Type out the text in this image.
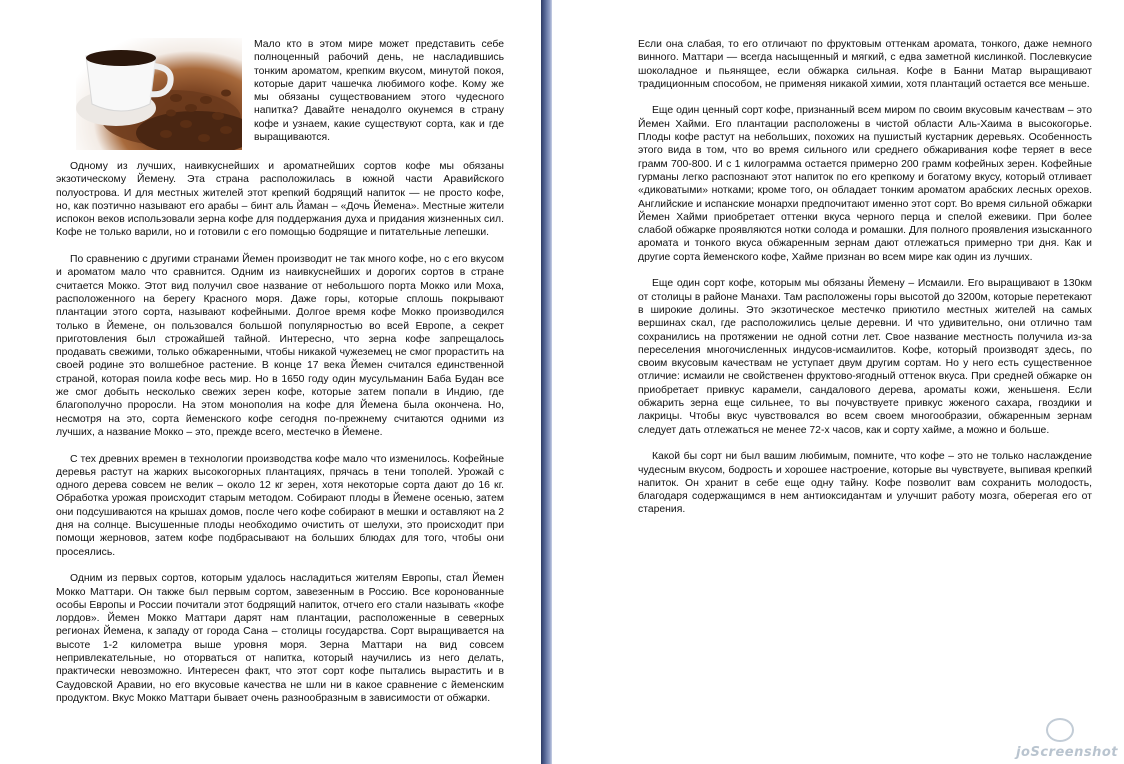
Мало кто в этом мире может представить себе полноценный рабочий день, не насладившись тонким ароматом, крепким вкусом, минутой покоя, которые дарит чашечка любимого кофе. Кому же мы обязаны существованием этого чудесного напитка? Давайте ненадолго окунемся в страну кофе и узнаем, какие существуют сорта, как и где выращиваются.

Одному из лучших, наивкуснейших и ароматнейших сортов кофе мы обязаны экзотическому Йемену. Эта страна расположилась в южной части Аравийского полуострова. И для местных жителей этот крепкий бодрящий напиток — не просто кофе, но, как поэтично называют его арабы – бинт аль Йаман – «Дочь Йемена». Местные жители испокон веков использовали зерна кофе для поддержания духа и придания жизненных сил. Кофе не только варили, но и готовили с его помощью бодрящие и питательные лепешки.

По сравнению с другими странами Йемен производит не так много кофе, но с его вкусом и ароматом мало что сравнится. Одним из наивкуснейших и дорогих сортов в стране считается Мокко. Этот вид получил свое название от небольшого порта Мокко или Моха, расположенного на берегу Красного моря. Даже горы, которые сплошь покрывают плантации этого сорта, называют кофейными. Долгое время кофе Мокко производился только в Йемене, он пользовался большой популярностью во всей Европе, а секрет приготовления был строжайшей тайной. Интересно, что зерна кофе запрещалось продавать свежими, только обжаренными, чтобы никакой чужеземец не смог прорастить на своей родине это волшебное растение. В конце 17 века Йемен считался единственной страной, которая поила кофе весь мир. Но в 1650 году один мусульманин Баба Будан все же смог добыть несколько свежих зерен кофе, которые затем попали в Индию, где благополучно проросли. На этом монополия на кофе для Йемена была окончена. Но, несмотря на это, сорта йеменского кофе сегодня по-прежнему считаются одними из лучших, а название Мокко – это, прежде всего, местечко в Йемене.

С тех древних времен в технологии производства кофе мало что изменилось. Кофейные деревья растут на жарких высокогорных плантациях, прячась в тени тополей. Урожай с одного дерева совсем не велик – около 12 кг зерен, хотя некоторые сорта дают до 16 кг. Обработка урожая происходит старым методом. Собирают плоды в Йемене осенью, затем они подсушиваются на крышах домов, после чего кофе собирают в мешки и оставляют на 2 дня на солнце. Высушенные плоды необходимо очистить от шелухи, это происходит при помощи жерновов, затем кофе подбрасывают на больших блюдах для того, чтобы они просеялись.

Одним из первых сортов, которым удалось насладиться жителям Европы, стал Йемен Мокко Маттари. Он также был первым сортом, завезенным в Россию. Все коронованные особы Европы и России почитали этот бодрящий напиток, отчего его стали называть «кофе лордов». Йемен Мокко Маттари дарят нам плантации, расположенные в северных регионах Йемена, к западу от города Сана – столицы государства. Сорт выращивается на высоте 1-2 километра выше уровня моря. Зерна Маттари на вид совсем непривлекательные, но оторваться от напитка, который научились из него делать, практически невозможно. Интересен факт, что этот сорт кофе пытались вырастить и в Саудовской Аравии, но его вкусовые качества не шли ни в какое сравнение с йеменским продуктом. Вкус Мокко Маттари бывает очень разнообразным в зависимости от обжарки.

Если она слабая, то его отличают по фруктовым оттенкам аромата, тонкого, даже немного винного. Маттари — всегда насыщенный и мягкий, с едва заметной кислинкой. Послевкусие шоколадное и пьянящее, если обжарка сильная. Кофе в Банни Матар выращивают традиционным способом, не применяя никакой химии, хотя плантаций остается все меньше.

Еще один ценный сорт кофе, признанный всем миром по своим вкусовым качествам – это Йемен Хайми. Его плантации расположены в чистой области Аль-Хаима в высокогорье. Плоды кофе растут на небольших, похожих на пушистый кустарник деревьях. Особенность этого вида в том, что во время сильного или среднего обжаривания кофе теряет в весе грамм 700-800. И с 1 килограмма остается примерно 200 грамм кофейных зерен. Кофейные гурманы легко распознают этот напиток по его крепкому и богатому вкусу, который отливает «диковатыми» нотками; кроме того, он обладает тонким ароматом арабских лесных орехов. Английские и испанские монархи предпочитают именно этот сорт. Во время сильной обжарки Йемен Хайми приобретает оттенки вкуса черного перца и спелой ежевики. При более слабой обжарке проявляются нотки солода и ромашки. Для полного проявления изысканного аромата и тонкого вкуса обжаренным зернам дают отлежаться примерно три дня. Как и другие сорта йеменского кофе, Хайме признан во всем мире как один из лучших.

Еще один сорт кофе, которым мы обязаны Йемену – Исмаили. Его выращивают в 130км от столицы в районе Манахи. Там расположены горы высотой до 3200м, которые перетекают в широкие долины. Это экзотическое местечко приютило местных жителей на самых вершинах скал, где расположились целые деревни. И что удивительно, они отлично там сохранились на протяжении не одной сотни лет. Свое название местность получила из-за переселения многочисленных индусов-исмаилитов. Кофе, который производят здесь, по своим вкусовым качествам не уступает двум другим сортам. Но у него есть существенное отличие: исмаили не свойственен фруктово-ягодный оттенок вкуса. При средней обжарке он приобретает привкус карамели, сандалового дерева, ароматы кожи, женьшеня. Если обжарить зерна еще сильнее, то вы почувствуете привкус жженого сахара, гвоздики и лакрицы. Чтобы вкус чувствовался во всем своем многообразии, обжаренным зернам следует дать отлежаться не менее 72-х часов, как и сорту хайме, а можно и больше.

Какой бы сорт ни был вашим любимым, помните, что кофе – это не только наслаждение чудесным вкусом, бодрость и хорошее настроение, которые вы чувствуете, выпивая крепкий напиток. Он хранит в себе еще одну тайну. Кофе позволит вам сохранить молодость, благодаря содержащимся в нем антиоксидантам и улучшит работу мозга, оберегая его от старения.

joScreenshot
